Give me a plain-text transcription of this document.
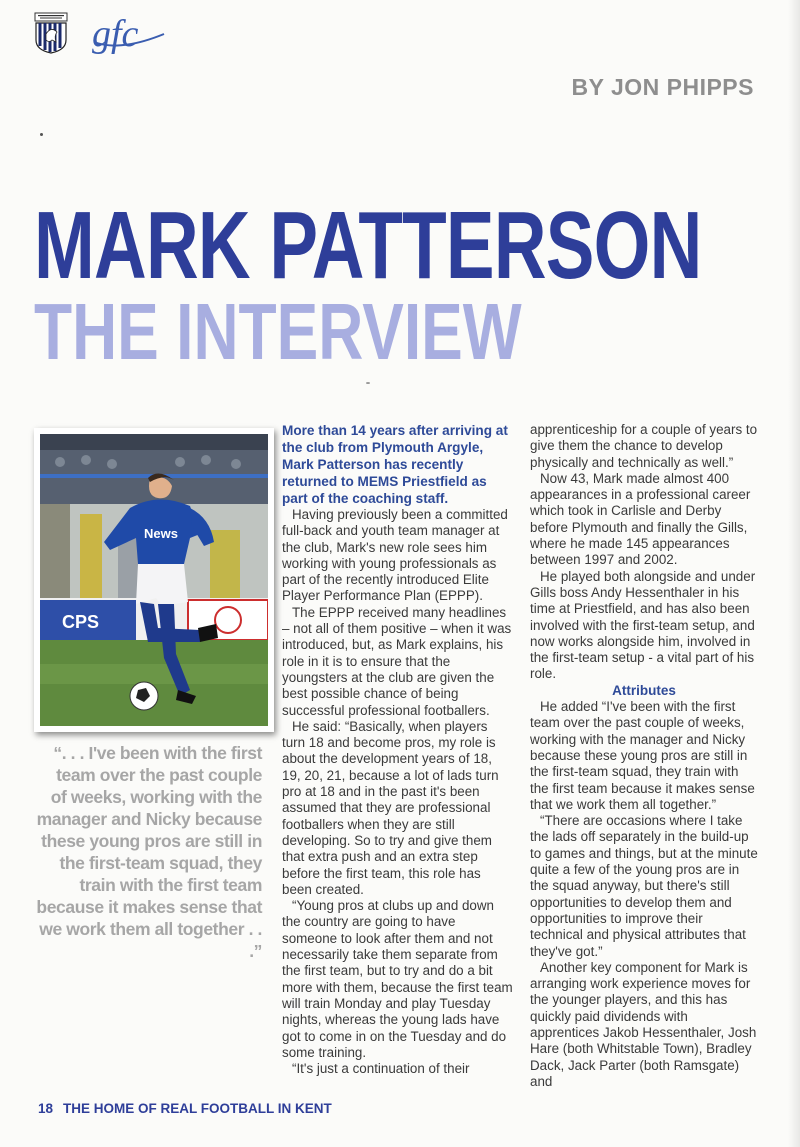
gfc
BY JON PHIPPS
MARK PATTERSON
THE INTERVIEW
CPS
News

“. . . I've been with the first team over the past couple of weeks, working with the manager and Nicky because these young pros are still in the first-team squad, they train with the first team because it makes sense that we work them all together . . .”

More than 14 years after arriving at the club from Plymouth Argyle, Mark Patterson has recently returned to MEMS Priestfield as part of the coaching staff.

Having previously been a committed full-back and youth team manager at the club, Mark's new role sees him working with young professionals as part of the recently introduced Elite Player Performance Plan (EPPP).

The EPPP received many headlines – not all of them positive – when it was introduced, but, as Mark explains, his role in it is to ensure that the youngsters at the club are given the best possible chance of being successful professional footballers.

He said: “Basically, when players turn 18 and become pros, my role is about the development years of 18, 19, 20, 21, because a lot of lads turn pro at 18 and in the past it's been assumed that they are professional footballers when they are still developing. So to try and give them that extra push and an extra step before the first team, this role has been created.

“Young pros at clubs up and down the country are going to have someone to look after them and not necessarily take them separate from the first team, but to try and do a bit more with them, because the first team will train Monday and play Tuesday nights, whereas the young lads have got to come in on the Tuesday and do some training.

“It's just a continuation of their

apprenticeship for a couple of years to give them the chance to develop physically and technically as well.”

Now 43, Mark made almost 400 appearances in a professional career which took in Carlisle and Derby before Plymouth and finally the Gills, where he made 145 appearances between 1997 and 2002.

He played both alongside and under Gills boss Andy Hessenthaler in his time at Priestfield, and has also been involved with the first-team setup, and now works alongside him, involved in the first-team setup - a vital part of his role.

Attributes

He added “I've been with the first team over the past couple of weeks, working with the manager and Nicky because these young pros are still in the first-team squad, they train with the first team because it makes sense that we work them all together.”

“There are occasions where I take the lads off separately in the build-up to games and things, but at the minute quite a few of the young pros are in the squad anyway, but there's still opportunities to develop them and opportunities to improve their technical and physical attributes that they've got.”

Another key component for Mark is arranging work experience moves for the younger players, and this has quickly paid dividends with apprentices Jakob Hessenthaler, Josh Hare (both Whitstable Town), Bradley Dack, Jack Parter (both Ramsgate) and

18 THE HOME OF REAL FOOTBALL IN KENT
